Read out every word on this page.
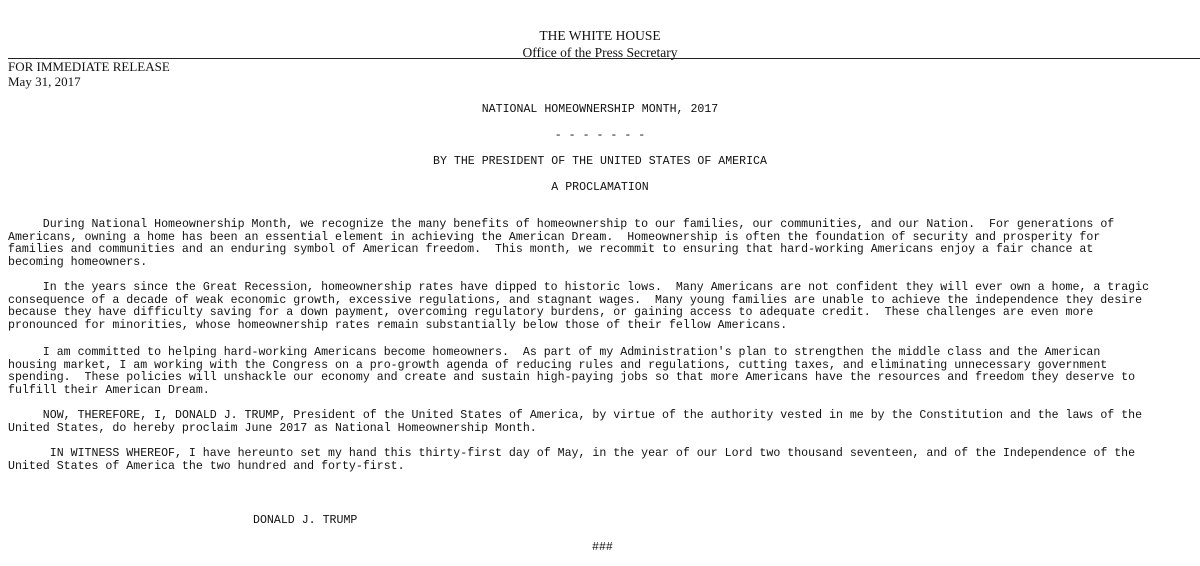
THE WHITE HOUSE
Office of the Press Secretary
FOR IMMEDIATE RELEASE
May 31, 2017
NATIONAL HOMEOWNERSHIP MONTH, 2017
- - - - - - -
BY THE PRESIDENT OF THE UNITED STATES OF AMERICA
A PROCLAMATION
During National Homeownership Month, we recognize the many benefits of homeownership to our families, our communities, and our Nation.  For generations of
Americans, owning a home has been an essential element in achieving the American Dream.  Homeownership is often the foundation of security and prosperity for
families and communities and an enduring symbol of American freedom.  This month, we recommit to ensuring that hard-working Americans enjoy a fair chance at
becoming homeowners.
In the years since the Great Recession, homeownership rates have dipped to historic lows.  Many Americans are not confident they will ever own a home, a tragic
consequence of a decade of weak economic growth, excessive regulations, and stagnant wages.  Many young families are unable to achieve the independence they desire
because they have difficulty saving for a down payment, overcoming regulatory burdens, or gaining access to adequate credit.  These challenges are even more
pronounced for minorities, whose homeownership rates remain substantially below those of their fellow Americans.
I am committed to helping hard-working Americans become homeowners.  As part of my Administration's plan to strengthen the middle class and the American
housing market, I am working with the Congress on a pro-growth agenda of reducing rules and regulations, cutting taxes, and eliminating unnecessary government
spending.  These policies will unshackle our economy and create and sustain high-paying jobs so that more Americans have the resources and freedom they deserve to
fulfill their American Dream.
NOW, THEREFORE, I, DONALD J. TRUMP, President of the United States of America, by virtue of the authority vested in me by the Constitution and the laws of the
United States, do hereby proclaim June 2017 as National Homeownership Month.
IN WITNESS WHEREOF, I have hereunto set my hand this thirty-first day of May, in the year of our Lord two thousand seventeen, and of the Independence of the
United States of America the two hundred and forty-first.
DONALD J. TRUMP
###
